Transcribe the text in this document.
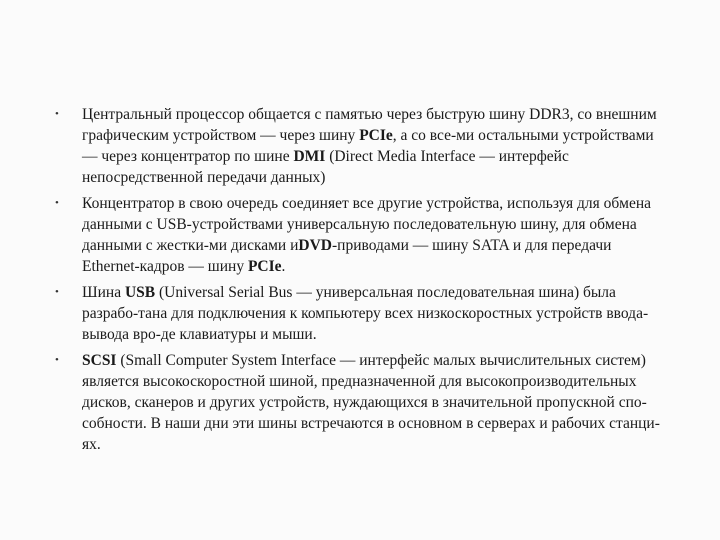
•	Центральный процессор общается с памятью через быструю шину DDR3, со внешним графическим устройством — через шину PCIe, а со все-ми остальными устройствами — через концентратор по шине DMI (Direct Media Interface — интерфейс непосредственной передачи данных)
•	Концентратор в свою очередь соединяет все другие устройства, используя для обмена данными с USB-устройствами универсальную последовательную шину, для обмена данными с жестки-ми дисками иDVD-приводами — шину SATA и для передачи Ethernet-кадров — шину PCIe.
•	Шина USB (Universal Serial Bus — универсальная последовательная шина) была разрабо-тана для подключения к компьютеру всех низкоскоростных устройств ввода-вывода вро-де клавиатуры и мыши.
•	SCSI (Small Computer System Interface — интерфейс малых вычислительных систем) является высокоскоростной шиной, предназначенной для высокопроизводительных дисков, сканеров и других устройств, нуждающихся в значительной пропускной спо-собности. В наши дни эти шины встречаются в основном в серверах и рабочих станци-ях.
